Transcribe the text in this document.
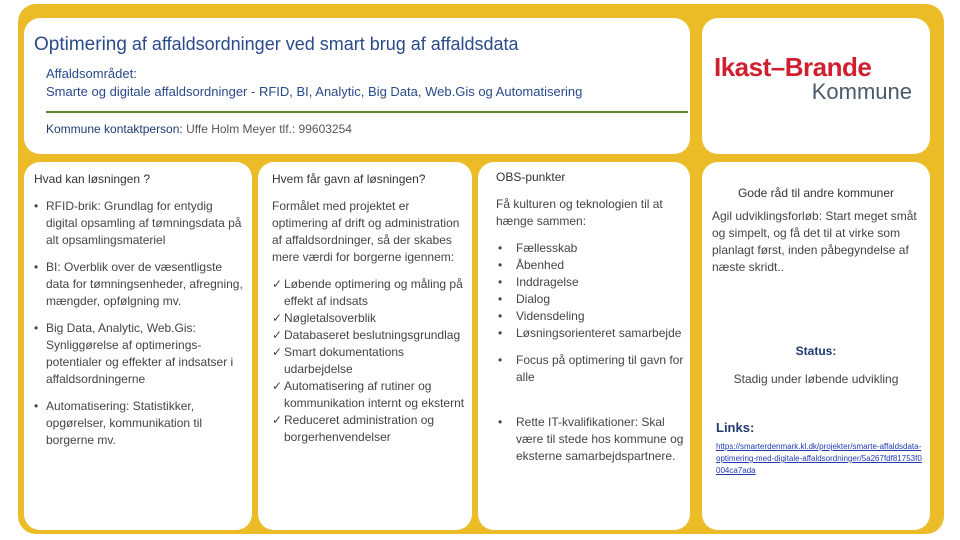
Optimering af affaldsordninger ved smart brug af affaldsdata
Affaldsområdet:
Smarte og digitale affaldsordninger - RFID, BI, Analytic, Big Data, Web.Gis og Automatisering
Kommune kontaktperson: Uffe Holm Meyer tlf.: 99603254
Ikast–Brande
Kommune
Hvad kan løsningen ?
• RFID-brik: Grundlag for entydig digital opsamling af tømningsdata på alt opsamlingsmateriel
• BI: Overblik over de væsentligste data for tømningsenheder, afregning, mængder, opfølgning mv.
• Big Data, Analytic, Web.Gis: Synliggørelse af optimerings-potentialer og effekter af indsatser i affaldsordningerne
• Automatisering: Statistikker, opgørelser, kommunikation til borgerne mv.
Hvem får gavn af løsningen?
Formålet med projektet er optimering af drift og administration af affaldsordninger, så der skabes mere værdi for borgerne igennem:
✓ Løbende optimering og måling på effekt af indsats
✓ Nøgletalsoverblik
✓ Databaseret beslutningsgrundlag
✓ Smart dokumentations udarbejdelse
✓ Automatisering af rutiner og kommunikation internt og eksternt
✓ Reduceret administration og borgerhenvendelser
OBS-punkter
Få kulturen og teknologien til at hænge sammen:
• Fællesskab
• Åbenhed
• Inddragelse
• Dialog
• Vidensdeling
• Løsningsorienteret samarbejde
• Focus på optimering til gavn for alle
• Rette IT-kvalifikationer: Skal være til stede hos kommune og eksterne samarbejdspartnere.
Gode råd til andre kommuner
Agil udviklingsforløb: Start meget småt og simpelt, og få det til at virke som planlagt først, inden påbegyndelse af næste skridt..
Status:
Stadig under løbende udvikling
Links:
https://smarterdenmark.kl.dk/projekter/smarte-affaldsdata-optimering-med-digitale-affaldsordninger/5a267fdf81753f0004ca7ada
